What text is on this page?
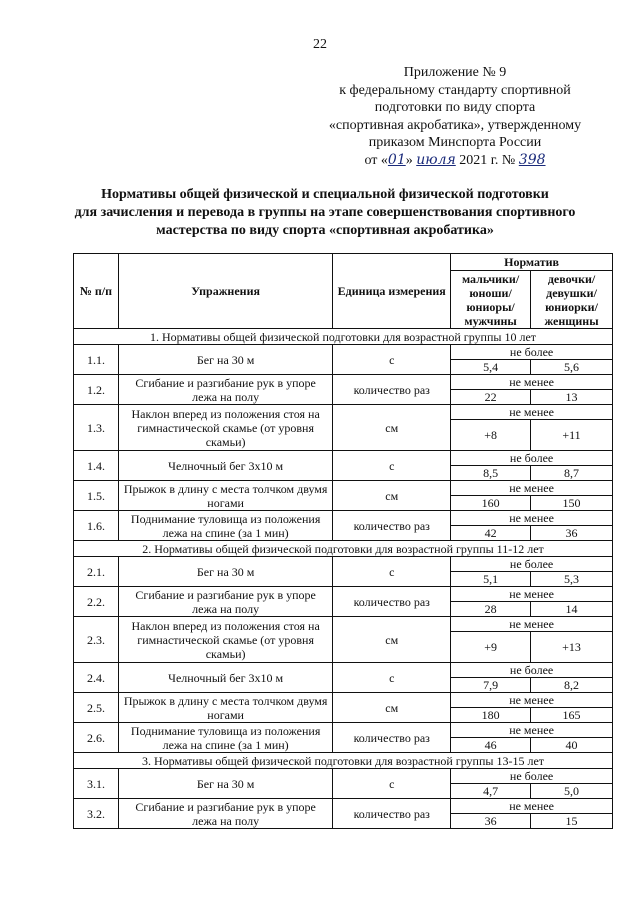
22
Приложение № 9
к федеральному стандарту спортивной
подготовки по виду спорта
«спортивная акробатика», утвержденному
приказом Минспорта России
от «01» июля 2021 г. № 398
Нормативы общей физической и специальной физической подготовки
для зачисления и перевода в группы на этапе совершенствования спортивного
мастерства по виду спорта «спортивная акробатика»
№ п/п	Упражнения	Единица измерения	Норматив	
			мальчики/ юноши/ юниоры/ мужчины	девочки/ девушки/ юниорки/ женщины
1. Нормативы общей физической подготовки для возрастной группы 10 лет				
1.1.	Бег на 30 м	с	не более	
			5,4	5,6
1.2.	Сгибание и разгибание рук в упоре лежа на полу	количество раз	не менее	
			22	13
1.3.	Наклон вперед из положения стоя на гимнастической скамье (от уровня скамьи)	см	не менее	
			+8	+11
1.4.	Челночный бег 3х10 м	с	не более	
			8,5	8,7
1.5.	Прыжок в длину с места толчком двумя ногами	см	не менее	
			160	150
1.6.	Поднимание туловища из положения лежа на спине (за 1 мин)	количество раз	не менее	
			42	36
2. Нормативы общей физической подготовки для возрастной группы 11-12 лет				
2.1.	Бег на 30 м	с	не более	
			5,1	5,3
2.2.	Сгибание и разгибание рук в упоре лежа на полу	количество раз	не менее	
			28	14
2.3.	Наклон вперед из положения стоя на гимнастической скамье (от уровня скамьи)	см	не менее	
			+9	+13
2.4.	Челночный бег 3х10 м	с	не более	
			7,9	8,2
2.5.	Прыжок в длину с места толчком двумя ногами	см	не менее	
			180	165
2.6.	Поднимание туловища из положения лежа на спине (за 1 мин)	количество раз	не менее	
			46	40
3. Нормативы общей физической подготовки для возрастной группы 13-15 лет				
3.1.	Бег на 30 м	с	не более	
			4,7	5,0
3.2.	Сгибание и разгибание рук в упоре лежа на полу	количество раз	не менее	
			36	15
